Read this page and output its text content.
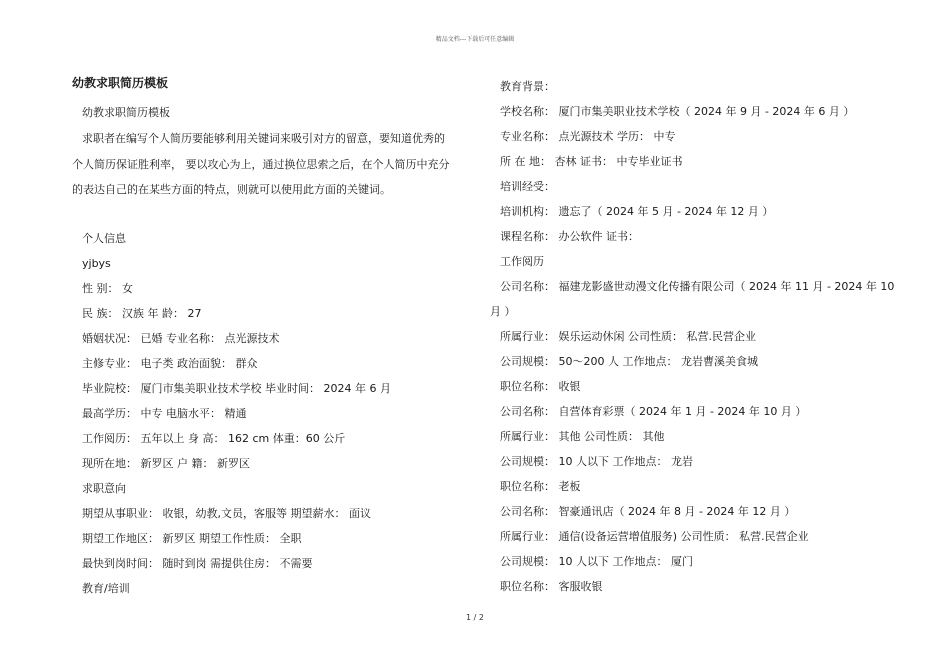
精品文档---下载后可任意编辑
幼教求职简历模板

幼教求职简历模板

求职者在编写个人简历要能够利用关键词来吸引对方的留意，要知道优秀的

个人简历保证胜利率， 要以攻心为上，通过换位思索之后，在个人简历中充分

的表达自己的在某些方面的特点，则就可以使用此方面的关键词。

个人信息

yjbys

性 别： 女

民 族： 汉族 年 龄： 27

婚姻状况： 已婚 专业名称： 点光源技术

主修专业： 电子类 政治面貌： 群众

毕业院校： 厦门市集美职业技术学校 毕业时间： 2024 年 6 月

最高学历： 中专 电脑水平： 精通

工作阅历： 五年以上 身 高： 162 cm 体重：60 公斤

现所在地： 新罗区 户 籍： 新罗区

求职意向

期望从事职业： 收银，幼教,文员，客服等 期望薪水： 面议

期望工作地区： 新罗区 期望工作性质： 全职

最快到岗时间： 随时到岗 需提供住房： 不需要

教育/培训

教育背景：

学校名称： 厦门市集美职业技术学校（ 2024 年 9 月 - 2024 年 6 月 ）

专业名称： 点光源技术 学历： 中专

所 在 地： 杏林 证书： 中专毕业证书

培训经受：

培训机构： 遗忘了（ 2024 年 5 月 - 2024 年 12 月 ）

课程名称： 办公软件 证书：

工作阅历

公司名称： 福建龙影盛世动漫文化传播有限公司（ 2024 年 11 月 - 2024 年 10

月 ）

所属行业： 娱乐运动休闲 公司性质： 私营.民营企业

公司规模： 50～200 人 工作地点： 龙岩曹溪美食城

职位名称： 收银

公司名称： 自营体育彩票（ 2024 年 1 月 - 2024 年 10 月 ）

所属行业： 其他 公司性质： 其他

公司规模： 10 人以下 工作地点： 龙岩

职位名称： 老板

公司名称： 智豪通讯店（ 2024 年 8 月 - 2024 年 12 月 ）

所属行业： 通信(设备运营增值服务) 公司性质： 私营.民营企业

公司规模： 10 人以下 工作地点： 厦门

职位名称： 客服收银

1 / 2
